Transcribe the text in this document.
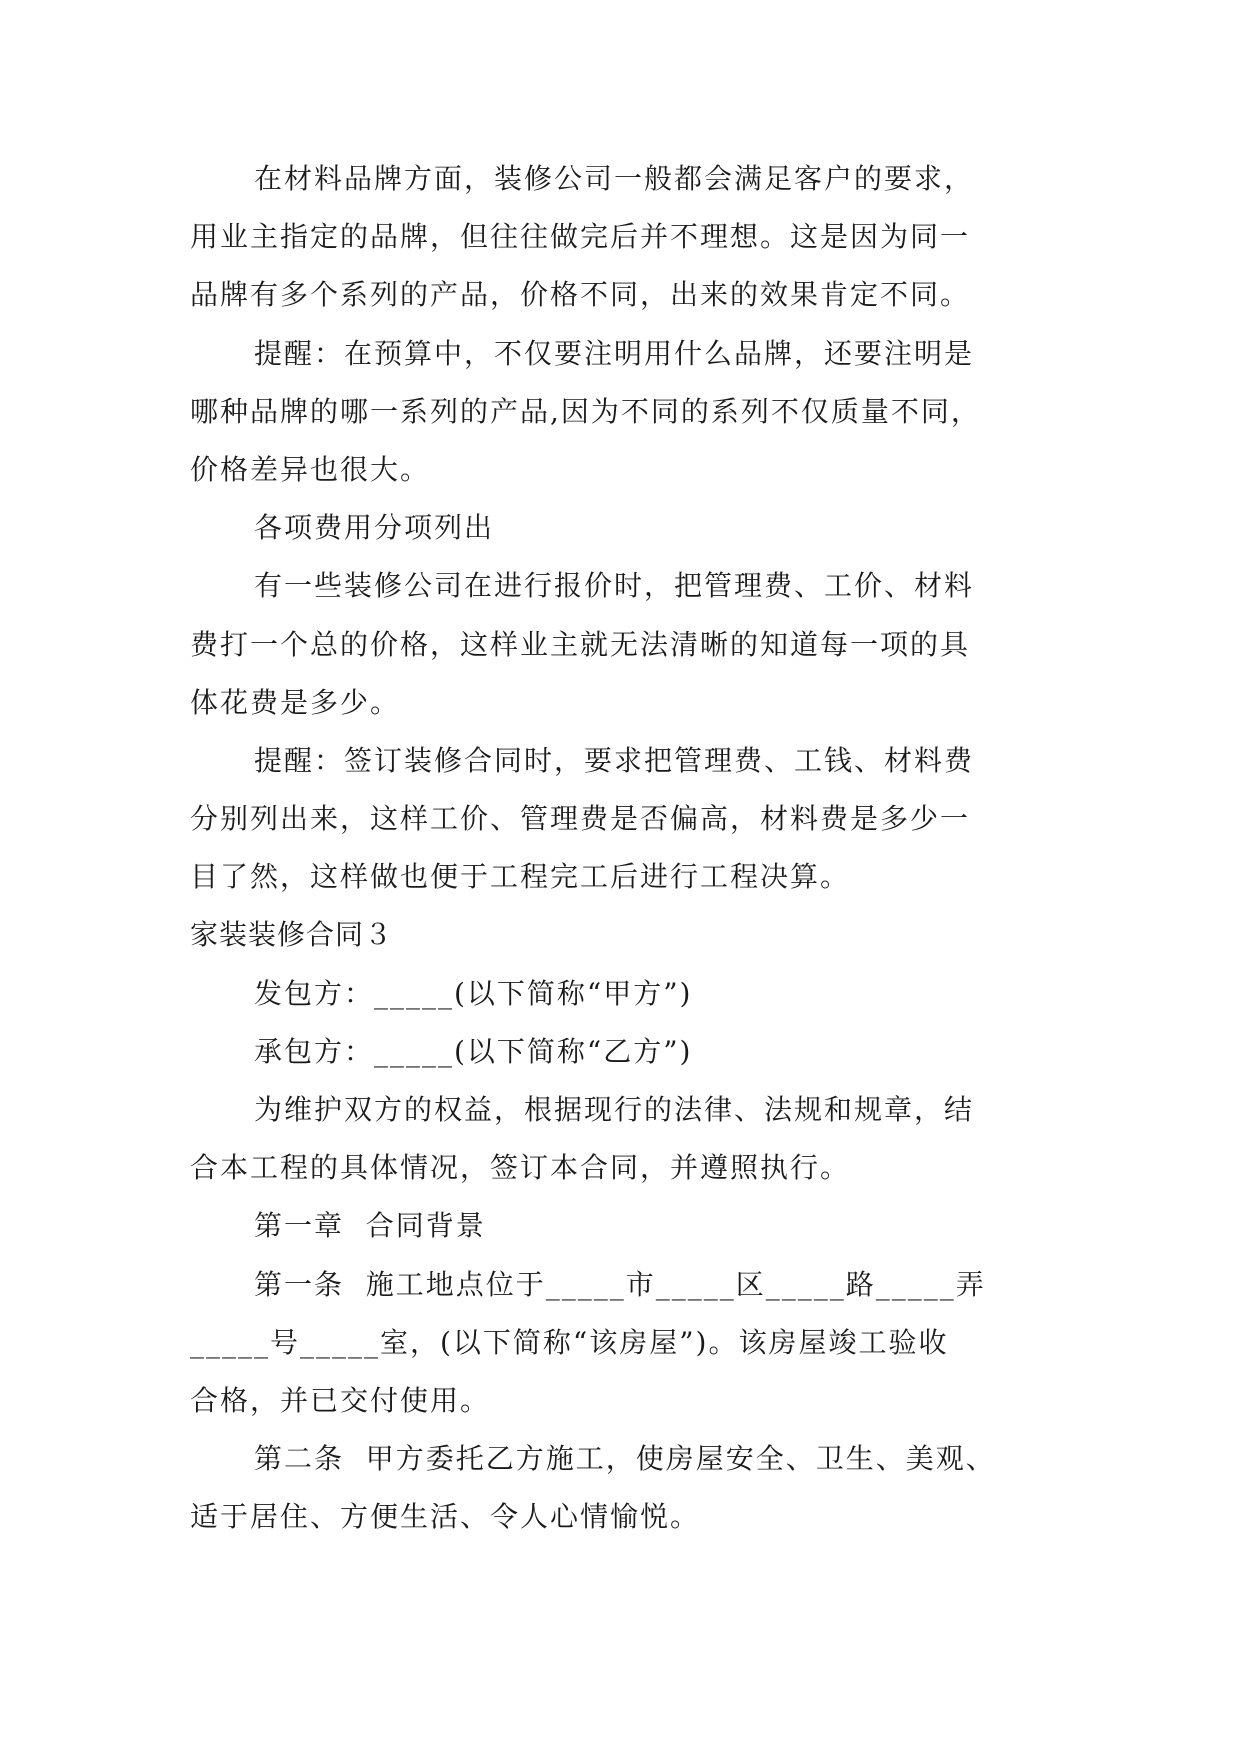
在材料品牌方面，装修公司一般都会满足客户的要求，
用业主指定的品牌，但往往做完后并不理想。这是因为同一
品牌有多个系列的产品，价格不同，出来的效果肯定不同。
提醒：在预算中，不仅要注明用什么品牌，还要注明是
哪种品牌的哪一系列的产品,因为不同的系列不仅质量不同，
价格差异也很大。
各项费用分项列出
有一些装修公司在进行报价时，把管理费、工价、材料
费打一个总的价格，这样业主就无法清晰的知道每一项的具
体花费是多少。
提醒：签订装修合同时，要求把管理费、工钱、材料费
分别列出来，这样工价、管理费是否偏高，材料费是多少一
目了然，这样做也便于工程完工后进行工程决算。
家装装修合同３
发包方：_____(以下简称“甲方”)
承包方：_____(以下简称“乙方”)
为维护双方的权益，根据现行的法律、法规和规章，结
合本工程的具体情况，签订本合同，并遵照执行。
第一章  合同背景
第一条  施工地点位于_____市_____区_____路_____弄
_____号_____室，(以下简称“该房屋”)。该房屋竣工验收
合格，并已交付使用。
第二条  甲方委托乙方施工，使房屋安全、卫生、美观、
适于居住、方便生活、令人心情愉悦。
